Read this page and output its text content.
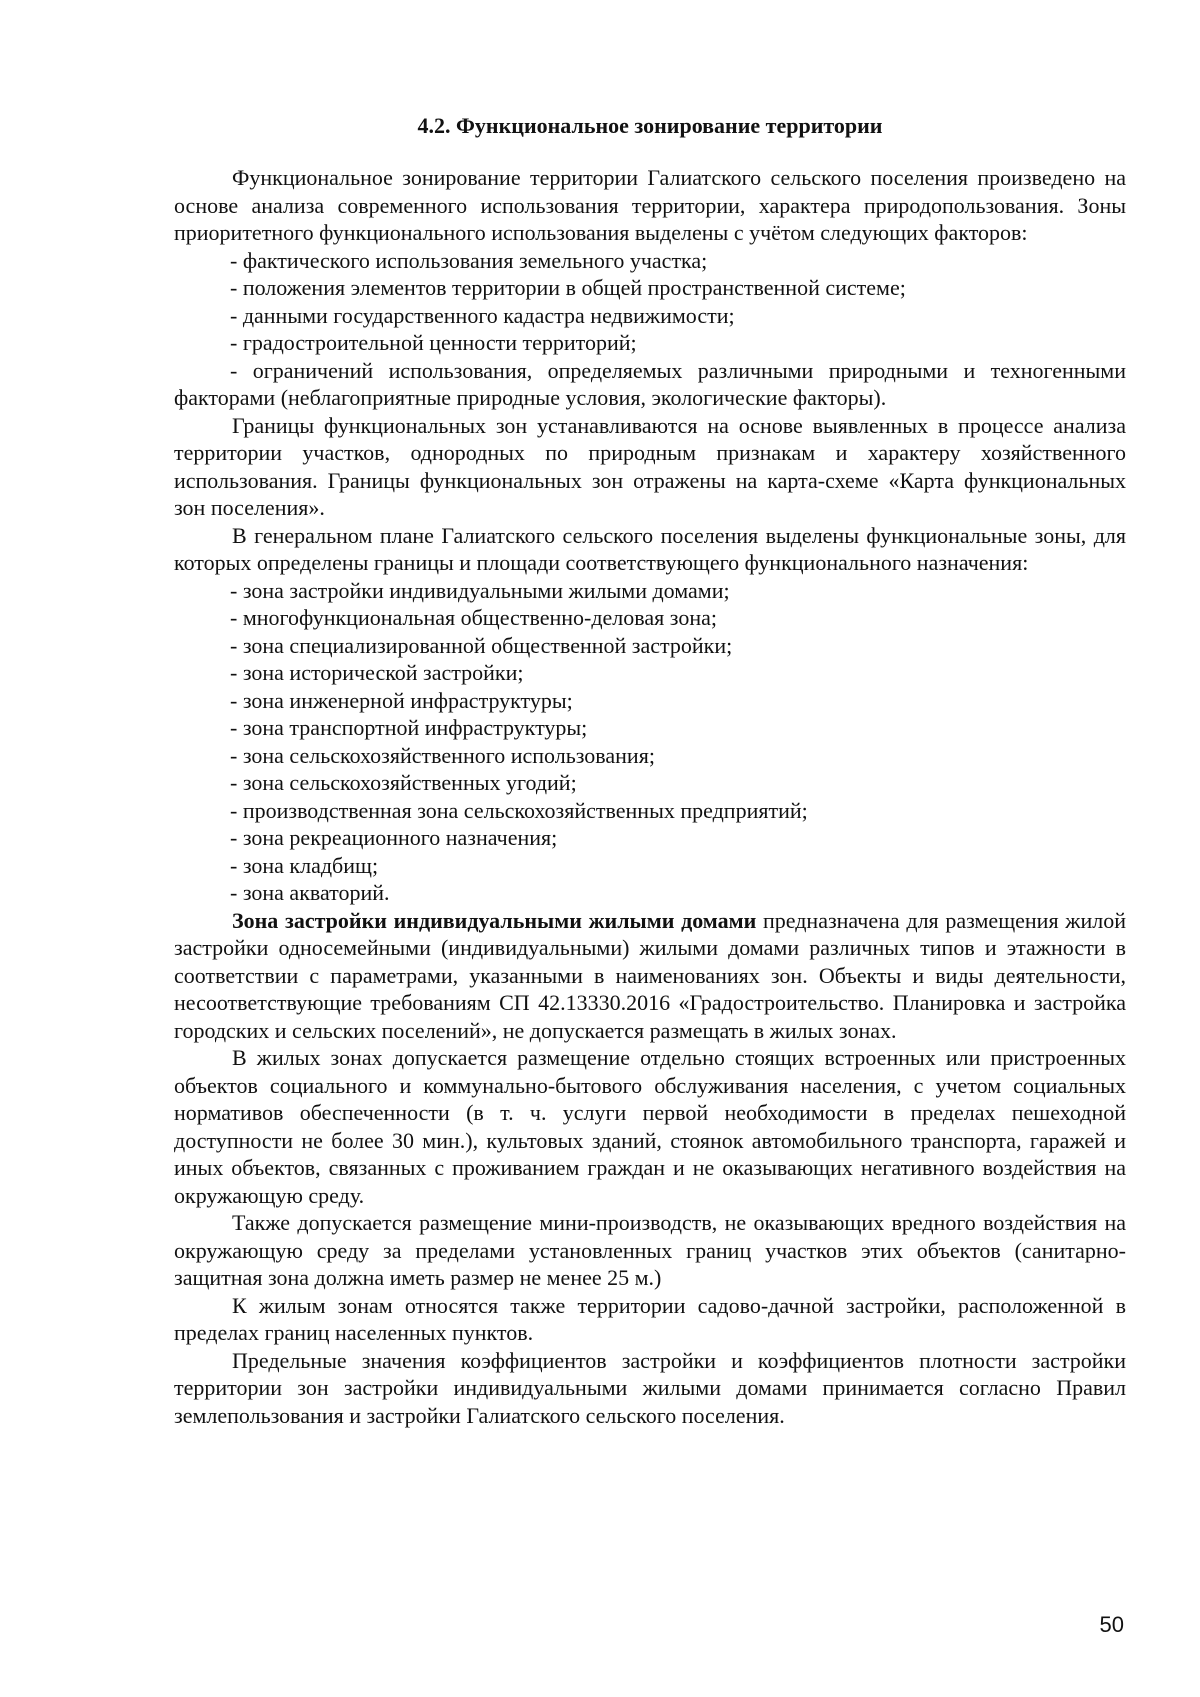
4.2. Функциональное зонирование территории

Функциональное зонирование территории Галиатского сельского поселения произведено на основе анализа современного использования территории, характера природопользования. Зоны приоритетного функционального использования выделены с учётом следующих факторов:

- фактического использования земельного участка;
- положения элементов территории в общей пространственной системе;
- данными государственного кадастра недвижимости;
- градостроительной ценности территорий;
- ограничений использования, определяемых различными природными и техногенными факторами (неблагоприятные природные условия, экологические факторы).

Границы функциональных зон устанавливаются на основе выявленных в процессе анализа территории участков, однородных по природным признакам и характеру хозяйственного использования. Границы функциональных зон отражены на карта-схеме «Карта функциональных зон поселения».

В генеральном плане Галиатского сельского поселения выделены функциональные зоны, для которых определены границы и площади соответствующего функционального назначения:

- зона застройки индивидуальными жилыми домами;
- многофункциональная общественно-деловая зона;
- зона специализированной общественной застройки;
- зона исторической застройки;
- зона инженерной инфраструктуры;
- зона транспортной инфраструктуры;
- зона сельскохозяйственного использования;
- зона сельскохозяйственных угодий;
- производственная зона сельскохозяйственных предприятий;
- зона рекреационного назначения;
- зона кладбищ;
- зона акваторий.

Зона застройки индивидуальными жилыми домами предназначена для размещения жилой застройки односемейными (индивидуальными) жилыми домами различных типов и этажности в соответствии с параметрами, указанными в наименованиях зон. Объекты и виды деятельности, несоответствующие требованиям СП 42.13330.2016 «Градостроительство. Планировка и застройка городских и сельских поселений», не допускается размещать в жилых зонах.

В жилых зонах допускается размещение отдельно стоящих встроенных или пристроенных объектов социального и коммунально-бытового обслуживания населения, с учетом социальных нормативов обеспеченности (в т. ч. услуги первой необходимости в пределах пешеходной доступности не более 30 мин.), культовых зданий, стоянок автомобильного транспорта, гаражей и иных объектов, связанных с проживанием граждан и не оказывающих негативного воздействия на окружающую среду.

Также допускается размещение мини-производств, не оказывающих вредного воздействия на окружающую среду за пределами установленных границ участков этих объектов (санитарно-защитная зона должна иметь размер не менее 25 м.)

К жилым зонам относятся также территории садово-дачной застройки, расположенной в пределах границ населенных пунктов.

Предельные значения коэффициентов застройки и коэффициентов плотности застройки территории зон застройки индивидуальными жилыми домами принимается согласно Правил землепользования и застройки Галиатского сельского поселения.

50
